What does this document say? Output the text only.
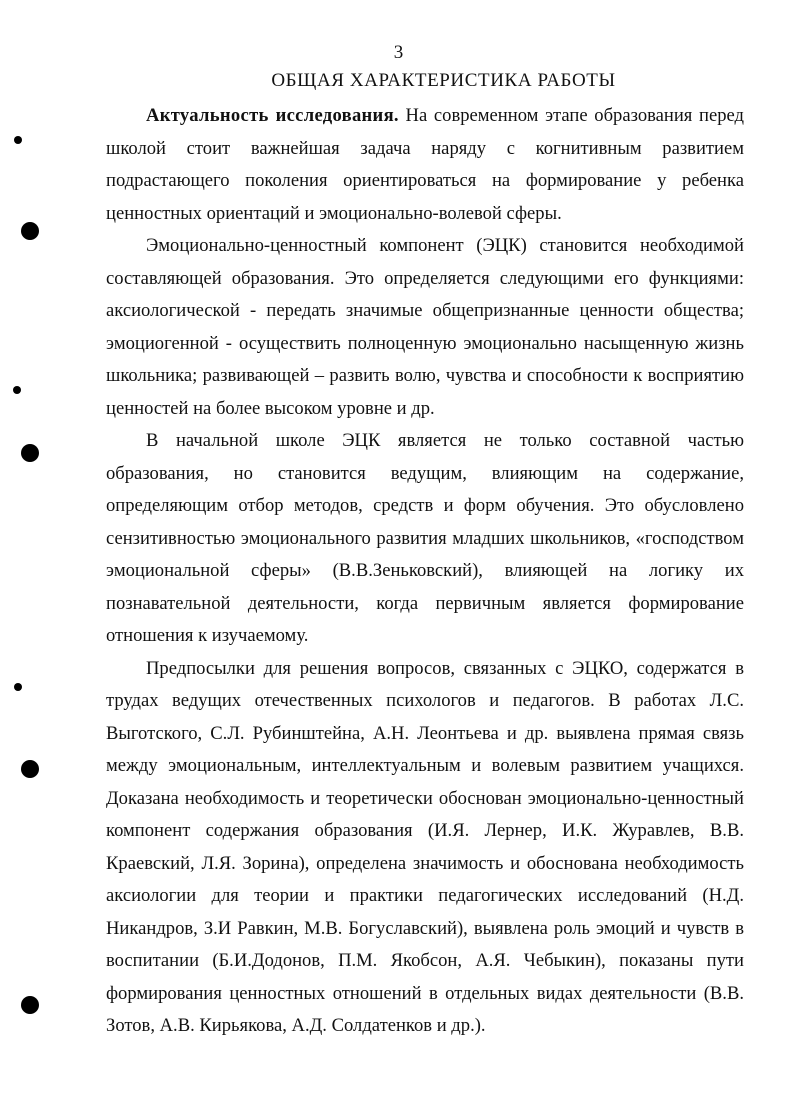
3
ОБЩАЯ ХАРАКТЕРИСТИКА РАБОТЫ

Актуальность исследования. На современном этапе образования перед школой стоит важнейшая задача наряду с когнитивным развитием подрастающего поколения ориентироваться на формирование у ребенка ценностных ориентаций и эмоционально-волевой сферы.

Эмоционально-ценностный компонент (ЭЦК) становится необходимой составляющей образования. Это определяется следующими его функциями: аксиологической - передать значимые общепризнанные ценности общества; эмоциогенной - осуществить полноценную эмоционально насыщенную жизнь школьника; развивающей – развить волю, чувства и способности к восприятию ценностей на более высоком уровне и др.

В начальной школе ЭЦК является не только составной частью образования, но становится ведущим, влияющим на содержание, определяющим отбор методов, средств и форм обучения. Это обусловлено сензитивностью эмоционального развития младших школьников, «господством эмоциональной сферы» (В.В.Зеньковский), влияющей на логику их познавательной деятельности, когда первичным является формирование отношения к изучаемому.

Предпосылки для решения вопросов, связанных с ЭЦКО, содержатся в трудах ведущих отечественных психологов и педагогов. В работах Л.С. Выготского, С.Л. Рубинштейна, А.Н. Леонтьева и др. выявлена прямая связь между эмоциональным, интеллектуальным и волевым развитием учащихся. Доказана необходимость и теоретически обоснован эмоционально-ценностный компонент содержания образования (И.Я. Лернер, И.К. Журавлев, В.В. Краевский, Л.Я. Зорина), определена значимость и обоснована необходимость аксиологии для теории и практики педагогических исследований (Н.Д. Никандров, З.И Равкин, М.В. Богуславский), выявлена роль эмоций и чувств в воспитании (Б.И.Додонов, П.М. Якобсон, А.Я. Чебыкин), показаны пути формирования ценностных отношений в отдельных видах деятельности (В.В. Зотов, А.В. Кирьякова, А.Д. Солдатенков и др.).
